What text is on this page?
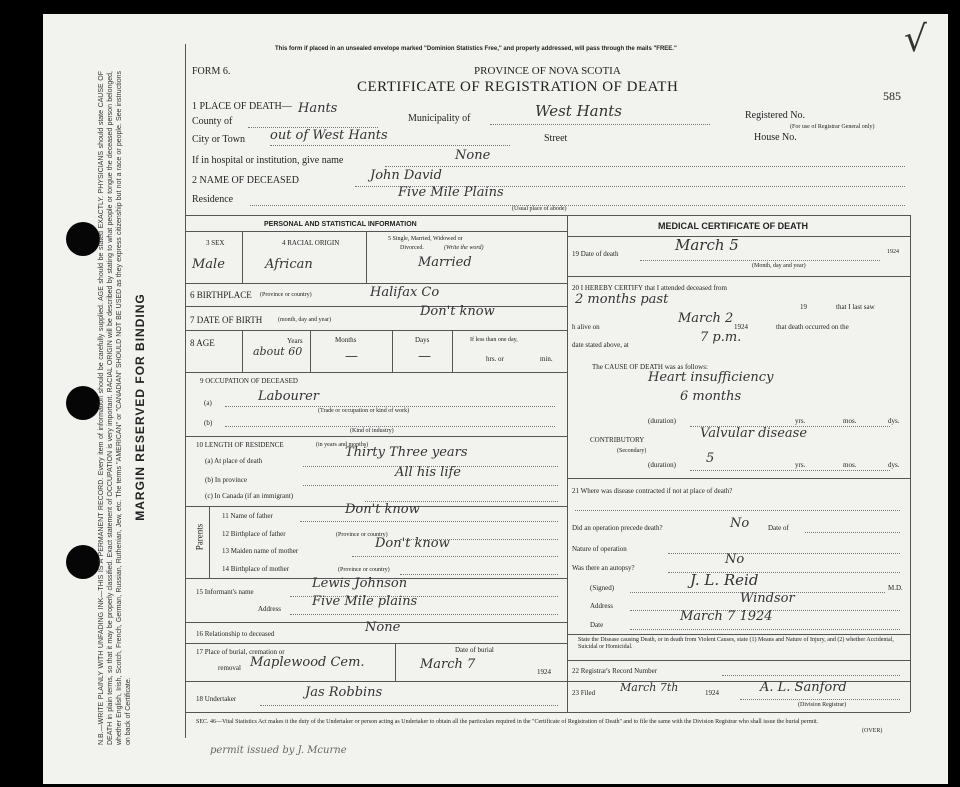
N.B.—WRITE PLAINLY WITH UNFADING INK—THIS IS A PERMANENT RECORD. Every item of information should be carefully supplied. AGE should be stated EXACTLY. PHYSICIANS should state CAUSE OF DEATH in plain terms, so that it may be properly classified. Exact statement of OCCUPATION is very important. RACIAL ORIGIN will be described by stating to what people or tongue the deceased person belonged, whether English, Irish, Scotch, French, German, Russian, Ruthenian, Jew, etc. The terms "AMERICAN" or "CANADIAN" SHOULD NOT BE USED as they express citizenship but not a race or people. See instructions on back of Certificate.
MARGIN RESERVED FOR BINDING
This form if placed in an unsealed envelope marked "Dominion Statistics Free," and properly addressed, will pass through the mails "FREE."
FORM 6.	PROVINCE OF NOVA SCOTIA
CERTIFICATE OF REGISTRATION OF DEATH
585
√
1 PLACE OF DEATH—
County of
Hants
Municipality of	West Hants	Registered No.
(For use of Registrar General only)
City or Town out of West Hants	Street	House No.
If in hospital or institution, give name	None
2 NAME OF DECEASED	John David
Residence	Five Mile Plains
(Usual place of abode)
PERSONAL AND STATISTICAL INFORMATION
3 SEX	4 RACIAL ORIGIN	5 Single, Married, Widowed or
Divorced.	(Write the word)
Male	African	Married
6 BIRTHPLACE (Province or country)	Halifax Co
7 DATE OF BIRTH	(month, day and year)
Don't know
8 AGE	Years
about 60
Months
—
Days
—
If less than one day,
hrs. or	min.
9 OCCUPATION OF DECEASED
(a)	Labourer
(Trade or occupation or kind of work)
(b)
(Kind of industry)
10 LENGTH OF RESIDENCE	(in years and months)
(a) At place of death
Thirty Three years
(b) In province	All his life
(c) In Canada (if an immigrant)
Parents
11 Name of father	Don't know
12 Birthplace of father	(Province or country)
13 Maiden name of mother	Don't know
14 Birthplace of mother	(Province or country)
15 Informant's name
Lewis Johnson
Address Five Mile plains
16 Relationship to deceased	None
17 Place of burial, cremation or
removal Maplewood Cem.
Date of burial
March 7	1924
18 Undertaker	Jas Robbins
MEDICAL CERTIFICATE OF DEATH
19 Date of death	March 5	1924
(Month, day and year)
20 I HEREBY CERTIFY that I attended deceased from
2 months past	19	that I last saw
h alive on
March 2
1924	that death occurred on the
date stated above, at	7 p.m.
The CAUSE OF DEATH was as follows:
Heart insufficiency
6 months
(duration)	yrs.	mos.	dys.
CONTRIBUTORY
(Secondary)
Valvular disease
(duration) 5	yrs.	mos.	dys.
21 Where was disease contracted if not at place of death?
Did an operation precede death?	No	Date of
Nature of operation
Was there an autopsy?
No
(Signed)	J. L. Reid	M.D.
Address	Windsor
Date
March 7 1924
State the Disease causing Death, or in death from Violent Causes, state (1) Means and Nature of Injury, and (2) whether Accidental, Suicidal or Homicidal.
22 Registrar's Record Number
23 Filed March 7th	1924	A. L. Sanford
(Division Registrar)
SEC. 46—Vital Statistics Act makes it the duty of the Undertaker or person acting as Undertaker to obtain all the particulars required in the "Certificate of Registration of Death" and to file the same with the Division Registrar who shall issue the burial permit.
(OVER)
permit issued by J. Mcurne
